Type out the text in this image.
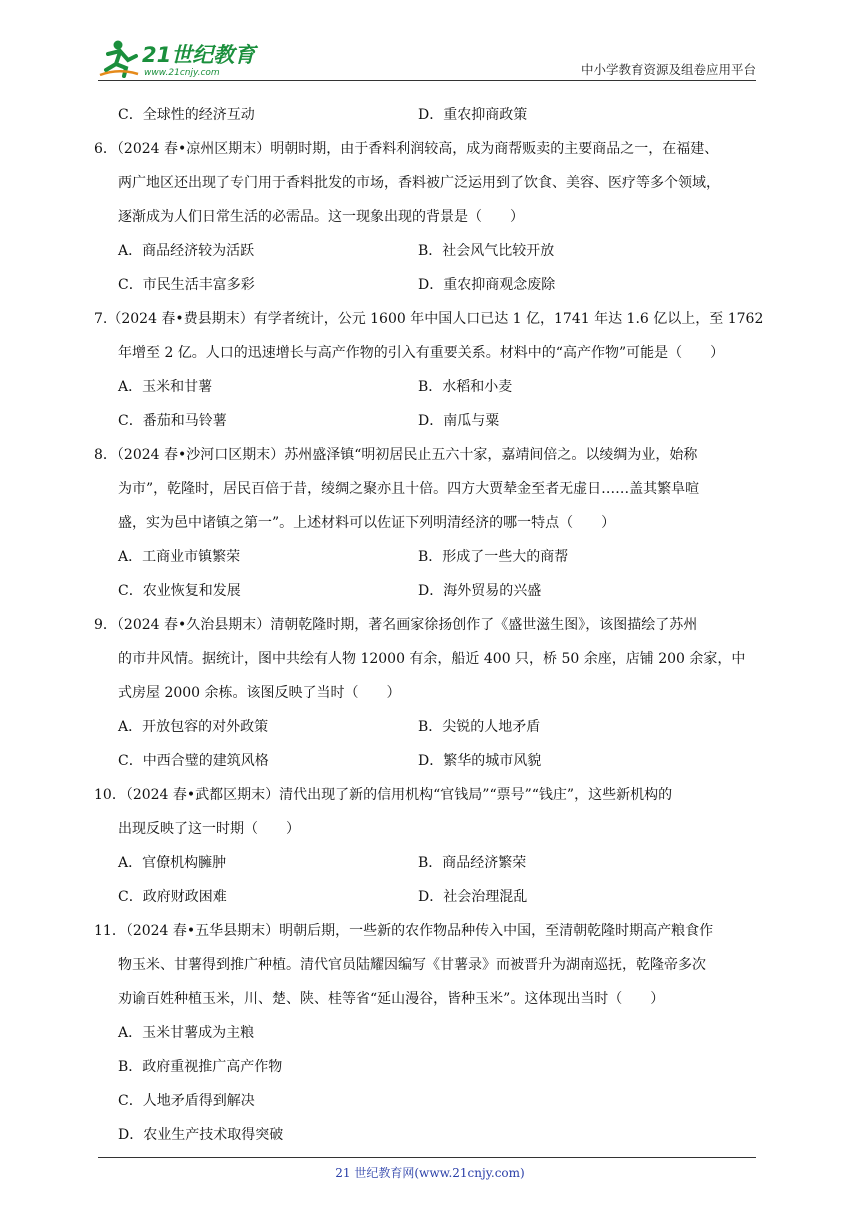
21世纪教育
www.21cnjy.com	中小学教育资源及组卷应用平台
C．全球性的经济互动	D．重农抑商政策
6．（2024 春•凉州区期末）明朝时期，由于香料利润较高，成为商帮贩卖的主要商品之一，在福建、
两广地区还出现了专门用于香料批发的市场，香料被广泛运用到了饮食、美容、医疗等多个领域，
逐渐成为人们日常生活的必需品。这一现象出现的背景是（　　）
A．商品经济较为活跃	B．社会风气比较开放
C．市民生活丰富多彩	D．重农抑商观念废除
7.（2024 春•费县期末）有学者统计，公元 1600 年中国人口已达 1 亿，1741 年达 1.6 亿以上，至 1762
年增至 2 亿。人口的迅速增长与高产作物的引入有重要关系。材料中的“高产作物”可能是（　　）
A．玉米和甘薯	B．水稻和小麦
C．番茄和马铃薯	D．南瓜与粟
8．（2024 春•沙河口区期末）苏州盛泽镇“明初居民止五六十家，嘉靖间倍之。以绫绸为业，始称
为市”，乾隆时，居民百倍于昔，绫绸之聚亦且十倍。四方大贾辇金至者无虚日……盖其繁阜喧
盛，实为邑中诸镇之第一”。上述材料可以佐证下列明清经济的哪一特点（　　）
A．工商业市镇繁荣	B．形成了一些大的商帮
C．农业恢复和发展	D．海外贸易的兴盛
9．（2024 春•久治县期末）清朝乾隆时期，著名画家徐扬创作了《盛世滋生图》，该图描绘了苏州
的市井风情。据统计，图中共绘有人物 12000 有余，船近 400 只，桥 50 余座，店铺 200 余家，中
式房屋 2000 余栋。该图反映了当时（　　）
A．开放包容的对外政策	B．尖锐的人地矛盾
C．中西合璧的建筑风格	D．繁华的城市风貌
10．（2024 春•武都区期末）清代出现了新的信用机构“官钱局”“票号”“钱庄”，这些新机构的
出现反映了这一时期（　　）
A．官僚机构臃肿	B．商品经济繁荣
C．政府财政困难	D．社会治理混乱
11．（2024 春•五华县期末）明朝后期，一些新的农作物品种传入中国，至清朝乾隆时期高产粮食作
物玉米、甘薯得到推广种植。清代官员陆耀因编写《甘薯录》而被晋升为湖南巡抚，乾隆帝多次
劝谕百姓种植玉米，川、楚、陕、桂等省“延山漫谷，皆种玉米”。这体现出当时（　　）
A．玉米甘薯成为主粮
B．政府重视推广高产作物
C．人地矛盾得到解决
D．农业生产技术取得突破
21 世纪教育网(www.21cnjy.com)
